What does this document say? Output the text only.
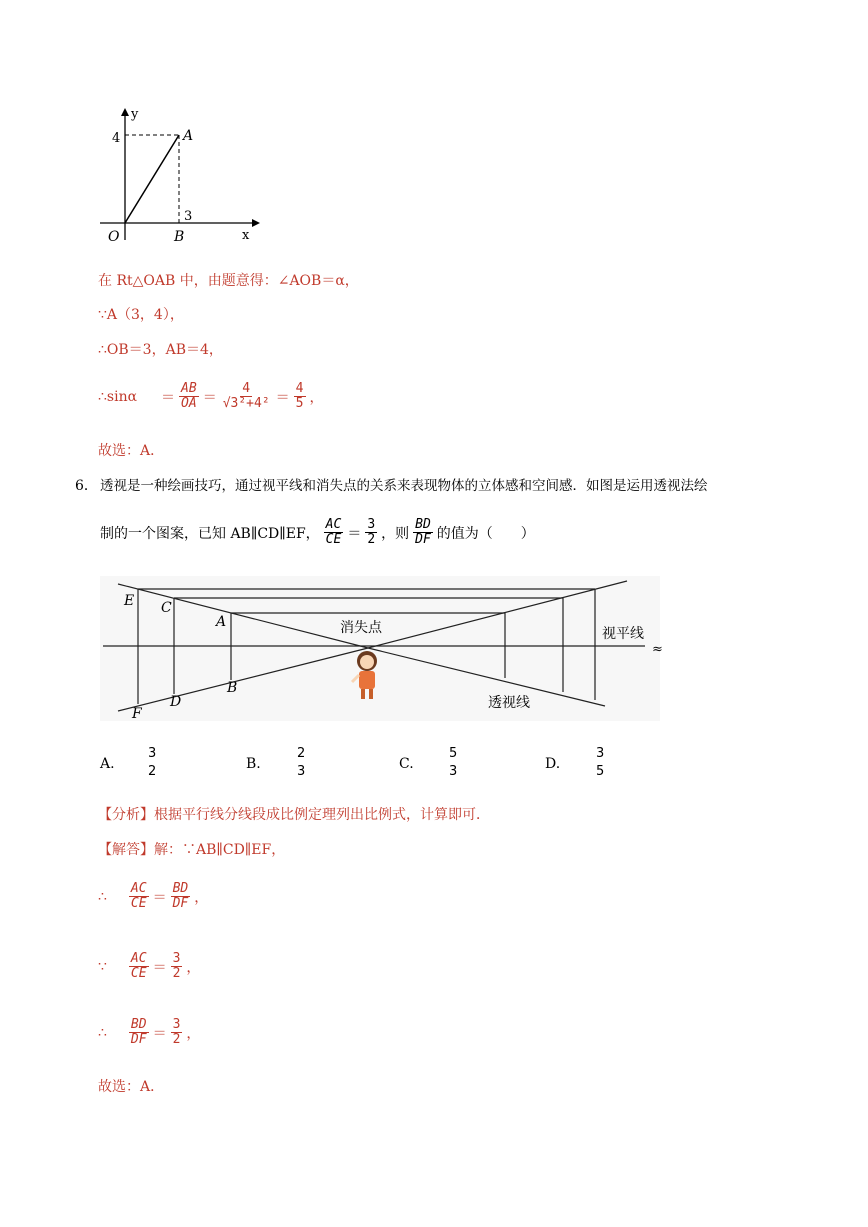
y
x
4
3
A
O	B
在 Rt△OAB 中，由题意得：∠AOB＝α，
∵A（3，4），
∴OB＝3，AB＝4，
∴sinα ＝ $\frac{AB}{OA} = \frac{4}{\text{√3²+4²}} = \frac{4}{5}$ ，
故选：A．
6． 透视是一种绘画技巧，通过视平线和消失点的关系来表现物体的立体感和空间感．如图是运用透视法绘
制的一个图案，已知 AB∥CD∥EF， $\frac{AC}{CE} = \frac{3}{2}$ ，则 $\frac{BD}{DF}$ 的值为（　　）
E C
A
F
D
B
消失点	视平线
透视线
≈
A.
3
2	B.
2
3	C.
5
3	D.
3
5
【分析】根据平行线分线段成比例定理列出比例式，计算即可．
【解答】解：∵AB∥CD∥EF，
∴ $\frac{AC}{CE} = \frac{BD}{DF}$ ，
∵ $\frac{AC}{CE} = \frac{3}{2}$ ，
∴ $\frac{BD}{DF} = \frac{3}{2}$ ，
故选：A．
